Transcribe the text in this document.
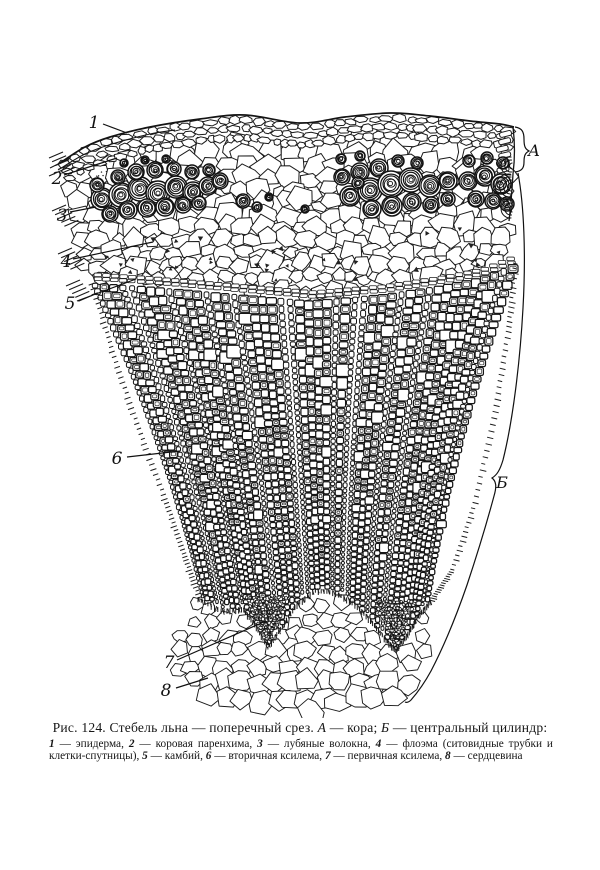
1
2
3
4
5
6
7
8
А
Б
Рис. 124. Стебель льна — поперечный срез. А — кора; Б — центральный цилиндр:
1 — эпидерма, 2 — коровая паренхима, 3 — лубяные волокна, 4 — флоэма (ситовидные трубки и клетки-спутницы), 5 — камбий, 6 — вторичная ксилема, 7 — первичная ксилема, 8 — сердцевина
